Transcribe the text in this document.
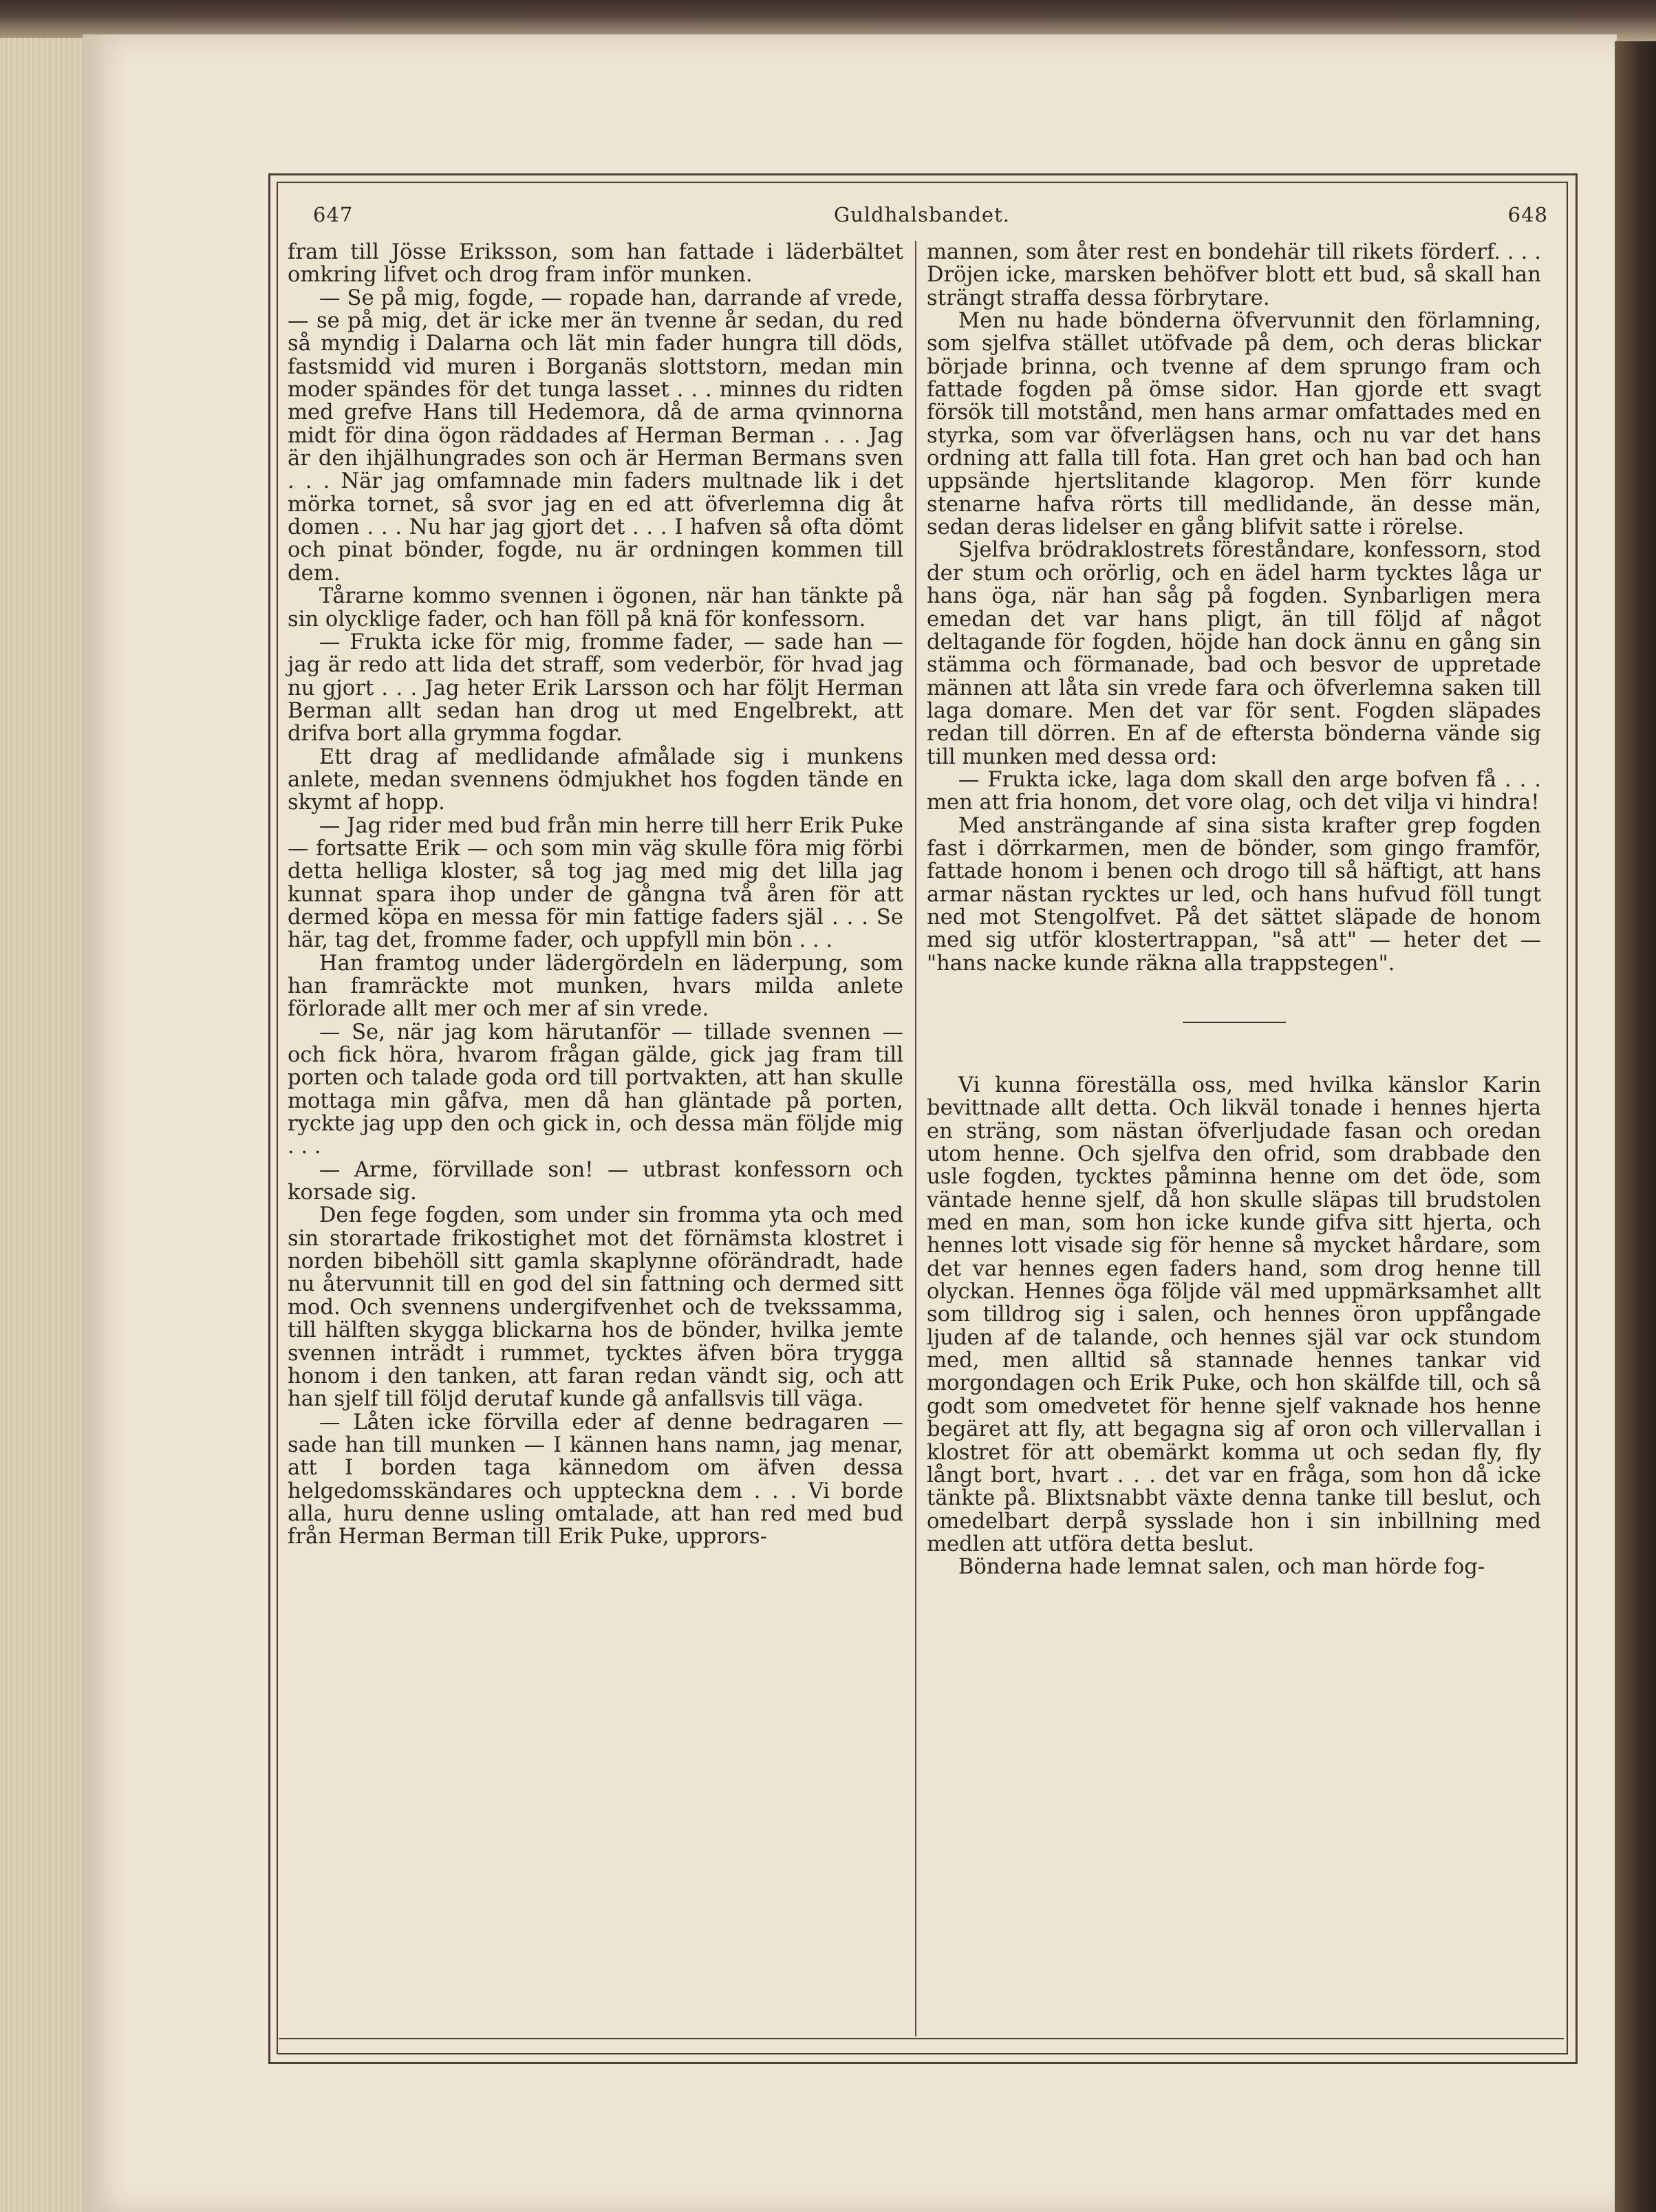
647	Guldhalsbandet.	648

fram till Jösse Eriksson, som han fattade i läderbältet omkring lifvet och drog fram inför munken.

— Se på mig, fogde, — ropade han, darrande af vrede, — se på mig, det är icke mer än tvenne år sedan, du red så myndig i Dalarna och lät min fader hungra till döds, fastsmidd vid muren i Borganäs slottstorn, medan min moder spändes för det tunga lasset . . . minnes du ridten med grefve Hans till Hedemora, då de arma qvinnorna midt för dina ögon räddades af Herman Berman . . . Jag är den ihjälhungrades son och är Herman Bermans sven . . . När jag omfamnade min faders multnade lik i det mörka tornet, så svor jag en ed att öfverlemna dig åt domen . . . Nu har jag gjort det . . . I hafven så ofta dömt och pinat bönder, fogde, nu är ordningen kommen till dem.

Tårarne kommo svennen i ögonen, när han tänkte på sin olycklige fader, och han föll på knä för konfessorn.

— Frukta icke för mig, fromme fader, — sade han — jag är redo att lida det straff, som vederbör, för hvad jag nu gjort . . . Jag heter Erik Larsson och har följt Herman Berman allt sedan han drog ut med Engelbrekt, att drifva bort alla grymma fogdar.

Ett drag af medlidande afmålade sig i munkens anlete, medan svennens ödmjukhet hos fogden tände en skymt af hopp.

— Jag rider med bud från min herre till herr Erik Puke — fortsatte Erik — och som min väg skulle föra mig förbi detta helliga kloster, så tog jag med mig det lilla jag kunnat spara ihop under de gångna två åren för att dermed köpa en messa för min fattige faders själ . . . Se här, tag det, fromme fader, och uppfyll min bön . . .

Han framtog under lädergördeln en läderpung, som han framräckte mot munken, hvars milda anlete förlorade allt mer och mer af sin vrede.

— Se, när jag kom härutanför — tillade svennen — och fick höra, hvarom frågan gälde, gick jag fram till porten och talade goda ord till portvakten, att han skulle mottaga min gåfva, men då han gläntade på porten, ryckte jag upp den och gick in, och dessa män följde mig . . .

— Arme, förvillade son! — utbrast konfessorn och korsade sig.

Den fege fogden, som under sin fromma yta och med sin storartade frikostighet mot det förnämsta klostret i norden bibehöll sitt gamla skaplynne oförändradt, hade nu återvunnit till en god del sin fattning och dermed sitt mod. Och svennens undergifvenhet och de tvekssamma, till hälften skygga blickarna hos de bönder, hvilka jemte svennen inträdt i rummet, tycktes äfven böra trygga honom i den tanken, att faran redan vändt sig, och att han sjelf till följd derutaf kunde gå anfallsvis till väga.

— Låten icke förvilla eder af denne bedragaren — sade han till munken — I kännen hans namn, jag menar, att I borden taga kännedom om äfven dessa helgedomsskändares och uppteckna dem . . . Vi borde alla, huru denne usling omtalade, att han red med bud från Herman Berman till Erik Puke, upprors-

mannen, som åter rest en bondehär till rikets förderf. . . . Dröjen icke, marsken behöfver blott ett bud, så skall han strängt straffa dessa förbrytare.

Men nu hade bönderna öfvervunnit den förlamning, som sjelfva stället utöfvade på dem, och deras blickar började brinna, och tvenne af dem sprungo fram och fattade fogden på ömse sidor. Han gjorde ett svagt försök till motstånd, men hans armar omfattades med en styrka, som var öfverlägsen hans, och nu var det hans ordning att falla till fota. Han gret och han bad och han uppsände hjertslitande klagorop. Men förr kunde stenarne hafva rörts till medlidande, än desse män, sedan deras lidelser en gång blifvit satte i rörelse.

Sjelfva brödraklostrets föreståndare, konfessorn, stod der stum och orörlig, och en ädel harm tycktes låga ur hans öga, när han såg på fogden. Synbarligen mera emedan det var hans pligt, än till följd af något deltagande för fogden, höjde han dock ännu en gång sin stämma och förmanade, bad och besvor de uppretade männen att låta sin vrede fara och öfverlemna saken till laga domare. Men det var för sent. Fogden släpades redan till dörren. En af de eftersta bönderna vände sig till munken med dessa ord:

— Frukta icke, laga dom skall den arge bofven få . . . men att fria honom, det vore olag, och det vilja vi hindra!

Med ansträngande af sina sista krafter grep fogden fast i dörrkarmen, men de bönder, som gingo framför, fattade honom i benen och drogo till så häftigt, att hans armar nästan rycktes ur led, och hans hufvud föll tungt ned mot Stengolfvet. På det sättet släpade de honom med sig utför klostertrappan, "så att" — heter det — "hans nacke kunde räkna alla trappstegen".

Vi kunna föreställa oss, med hvilka känslor Karin bevittnade allt detta. Och likväl tonade i hennes hjerta en sträng, som nästan öfverljudade fasan och oredan utom henne. Och sjelfva den ofrid, som drabbade den usle fogden, tycktes påminna henne om det öde, som väntade henne sjelf, då hon skulle släpas till brudstolen med en man, som hon icke kunde gifva sitt hjerta, och hennes lott visade sig för henne så mycket hårdare, som det var hennes egen faders hand, som drog henne till olyckan. Hennes öga följde väl med uppmärksamhet allt som tilldrog sig i salen, och hennes öron uppfångade ljuden af de talande, och hennes själ var ock stundom med, men alltid så stannade hennes tankar vid morgondagen och Erik Puke, och hon skälfde till, och så godt som omedvetet för henne sjelf vaknade hos henne begäret att fly, att begagna sig af oron och villervallan i klostret för att obemärkt komma ut och sedan fly, fly långt bort, hvart . . . det var en fråga, som hon då icke tänkte på. Blixtsnabbt växte denna tanke till beslut, och omedelbart derpå sysslade hon i sin inbillning med medlen att utföra detta beslut.

Bönderna hade lemnat salen, och man hörde fog-
